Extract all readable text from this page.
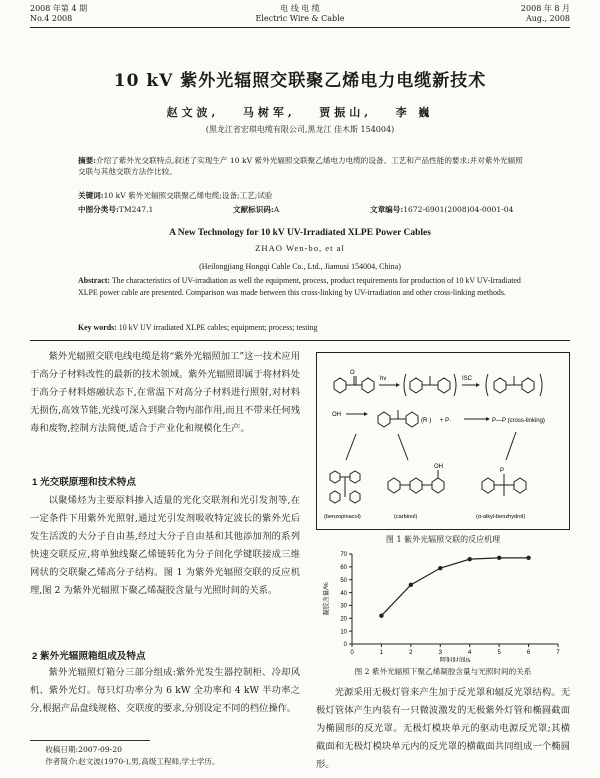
2008 年第 4 期
No.4 2008
电 线 电 缆
Electric Wire & Cable
2008 年 8 月
Aug., 2008
10 kV 紫外光辐照交联聚乙烯电力电缆新技术
赵文波, 马树军, 贾振山, 李 巍
(黑龙江省宏琪电缆有限公司,黑龙江 佳木斯 154004)
摘要:介绍了紫外光交联特点,叙述了实现生产 10 kV 紫外光辐照交联聚乙烯电力电缆的设备、工艺和产品性能的要求;并对紫外光辐照交联与其他交联方法作比较。
关键词:10 kV 紫外光辐照交联聚乙烯电缆;设备;工艺;试验
中图分类号:TM247.1	文献标识码:A	文章编号:1672-6901(2008)04-0001-04
A New Technology for 10 kV UV-Irradiated XLPE Power Cables
ZHAO Wen-bo, et al
(Heilongjiang Hongqi Cable Co., Ltd., Jiamusi 154004, China)
Abstract: The characteristics of UV-irradiation as well the equipment, process, product requirements for production of 10 kV UV-Irradiated XLPE power cable are presented. Comparison was made between this cross-linking by UV-irradiation and other cross-linking methods.
Key words: 10 kV UV irradiated XLPE cables; equipment; process; testing
紫外光辐照交联电线电缆是将“紫外光辐照加工”这一技术应用于高分子材料改性的最新的技术领域。紫外光辐照即属于将材料处于高分子材料熔融状态下,在常温下对高分子材料进行照射,对材料无损伤,高效节能,光线可深入到聚合物内部作用,而且不带来任何残毒和废物,控制方法简便,适合于产业化和规模化生产。
1 光交联原理和技术特点
以聚烯烃为主要原料掺入适量的光化交联剂和光引发剂等,在一定条件下用紫外光照射,通过光引发剂吸收特定波长的紫外光后发生活泼的大分子自由基,经过大分子自由基和其他添加剂的系列快速交联反应,将单独线聚乙烯链转化为分子间化学键联接成三维网状的交联聚乙烯高分子结构。图 1 为紫外光辐照交联的反应机理,图 2 为紫外光辐照下聚乙烯凝胶含量与光照时间的关系。
2 紫外光辐照箱组成及特点
紫外光辐照灯箱分三部分组成:紫外光发生器控制柜、冷却风机、紫外光灯。每只灯功率分为 6 kW 全功率和 4 kW 半功率之分,根据产品盘线规格、交联度的要求,分别设定不同的档位操作。
收稿日期:2007-09-20
作者简介:赵文波(1970-),男,高级工程师,学士学历。
O
hv	ISC
OH
(R·) + P·	P—P (cross-linking)
OH
P
(benzopinacol)	(carbinol)	(α-alkyl-benzhydrol)
图 1 紫外光辐照交联的反应机理
0
10
20
30
40
50
60
70
0	1	2	3	4	5	6	7
照射时间/s
凝胶含量/%
图 2 紫外光辐照下聚乙烯凝胶含量与光照时间的关系
光源采用无极灯管来产生加于反光罩和辐反光罩结构。无极灯管体产生内装有一只微波激发的无极紫外灯管和椭圆截面为椭圆形的反光罩。无极灯模块单元的驱动电源反光罩;其横截面和无极灯模块单元内的反光罩的横截面共同组成一个椭圆形。
